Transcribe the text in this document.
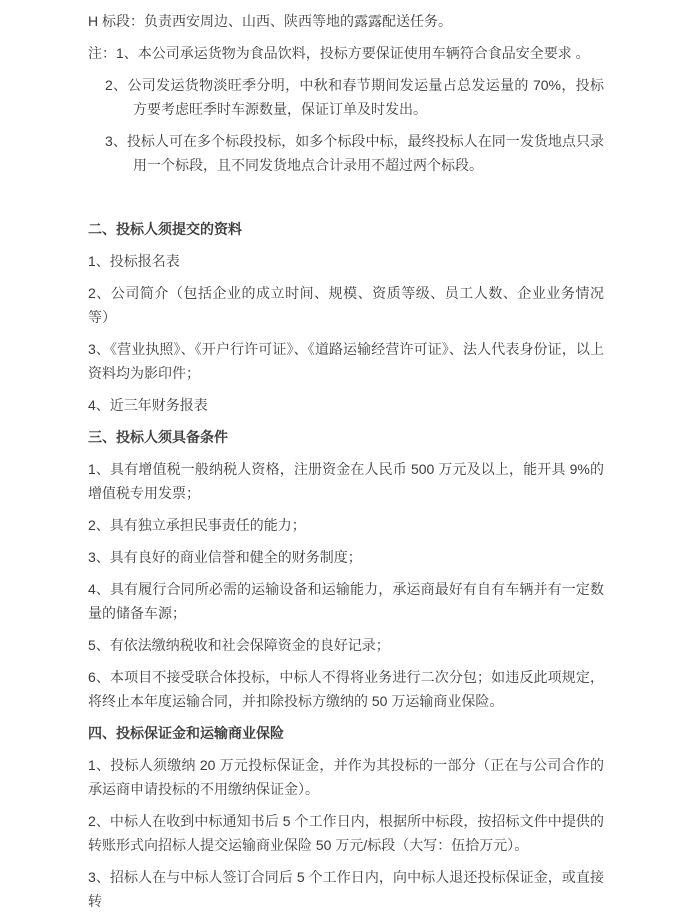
H 标段：负责西安周边、山西、陕西等地的露露配送任务。

注：1、本公司承运货物为食品饮料，投标方要保证使用车辆符合食品安全要求 。

2、公司发运货物淡旺季分明，中秋和春节期间发运量占总发运量的 70%，投标方要考虑旺季时车源数量，保证订单及时发出。

3、投标人可在多个标段投标，如多个标段中标，最终投标人在同一发货地点只录用一个标段，且不同发货地点合计录用不超过两个标段。

二、投标人须提交的资料

1、投标报名表

2、公司简介（包括企业的成立时间、规模、资质等级、员工人数、企业业务情况等）

3、《营业执照》、《开户行许可证》、《道路运输经营许可证》、法人代表身份证，以上资料均为影印件；

4、近三年财务报表

三、投标人须具备条件

1、具有增值税一般纳税人资格，注册资金在人民币 500 万元及以上，能开具 9%的增值税专用发票；

2、具有独立承担民事责任的能力；

3、具有良好的商业信誉和健全的财务制度；

4、具有履行合同所必需的运输设备和运输能力，承运商最好有自有车辆并有一定数量的储备车源；

5、有依法缴纳税收和社会保障资金的良好记录；

6、本项目不接受联合体投标，中标人不得将业务进行二次分包；如违反此项规定，将终止本年度运输合同，并扣除投标方缴纳的 50 万运输商业保险。

四、投标保证金和运输商业保险

1、投标人须缴纳 20 万元投标保证金，并作为其投标的一部分（正在与公司合作的承运商申请投标的不用缴纳保证金）。

2、中标人在收到中标通知书后 5 个工作日内，根据所中标段，按招标文件中提供的转账形式向招标人提交运输商业保险 50 万元/标段（大写：伍拾万元）。

3、招标人在与中标人签订合同后 5 个工作日内，向中标人退还投标保证金，或直接转
